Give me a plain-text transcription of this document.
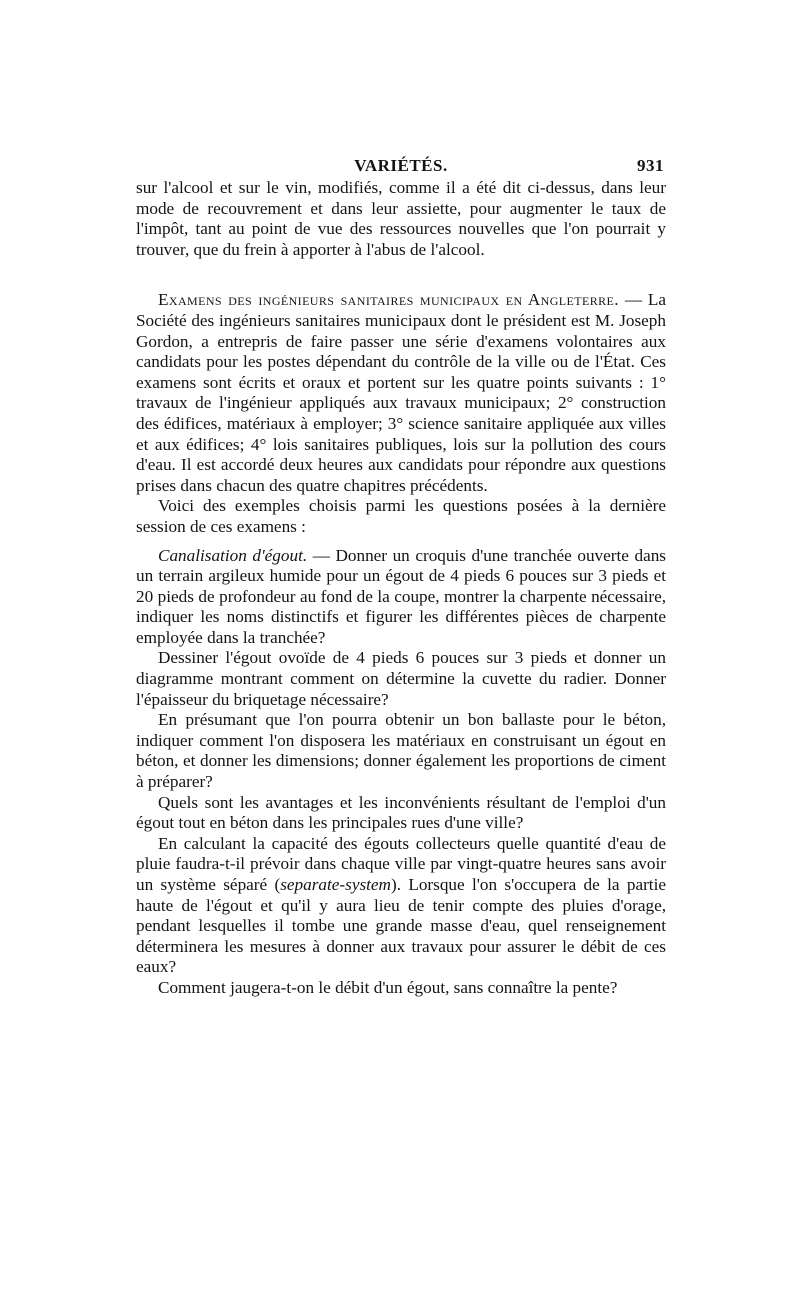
VARIÉTÉS.	931

sur l'alcool et sur le vin, modifiés, comme il a été dit ci-dessus, dans leur mode de recouvrement et dans leur assiette, pour augmenter le taux de l'impôt, tant au point de vue des ressources nouvelles que l'on pourrait y trouver, que du frein à apporter à l'abus de l'alcool.

Examens des ingénieurs sanitaires municipaux en Angleterre. — La Société des ingénieurs sanitaires municipaux dont le président est M. Joseph Gordon, a entrepris de faire passer une série d'examens volontaires aux candidats pour les postes dépendant du contrôle de la ville ou de l'État. Ces examens sont écrits et oraux et portent sur les quatre points suivants : 1° travaux de l'ingénieur appliqués aux travaux municipaux; 2° construction des édifices, matériaux à employer; 3° science sanitaire appliquée aux villes et aux édifices; 4° lois sanitaires publiques, lois sur la pollution des cours d'eau. Il est accordé deux heures aux candidats pour répondre aux questions prises dans chacun des quatre chapitres précédents.

Voici des exemples choisis parmi les questions posées à la dernière session de ces examens :

Canalisation d'égout. — Donner un croquis d'une tranchée ouverte dans un terrain argileux humide pour un égout de 4 pieds 6 pouces sur 3 pieds et 20 pieds de profondeur au fond de la coupe, montrer la charpente nécessaire, indiquer les noms distinctifs et figurer les différentes pièces de charpente employée dans la tranchée?

Dessiner l'égout ovoïde de 4 pieds 6 pouces sur 3 pieds et donner un diagramme montrant comment on détermine la cuvette du radier. Donner l'épaisseur du briquetage nécessaire?

En présumant que l'on pourra obtenir un bon ballaste pour le béton, indiquer comment l'on disposera les matériaux en construisant un égout en béton, et donner les dimensions; donner également les proportions de ciment à préparer?

Quels sont les avantages et les inconvénients résultant de l'emploi d'un égout tout en béton dans les principales rues d'une ville?

En calculant la capacité des égouts collecteurs quelle quantité d'eau de pluie faudra-t-il prévoir dans chaque ville par vingt-quatre heures sans avoir un système séparé (separate-system). Lorsque l'on s'occupera de la partie haute de l'égout et qu'il y aura lieu de tenir compte des pluies d'orage, pendant lesquelles il tombe une grande masse d'eau, quel renseignement déterminera les mesures à donner aux travaux pour assurer le débit de ces eaux?

Comment jaugera-t-on le débit d'un égout, sans connaître la pente?
